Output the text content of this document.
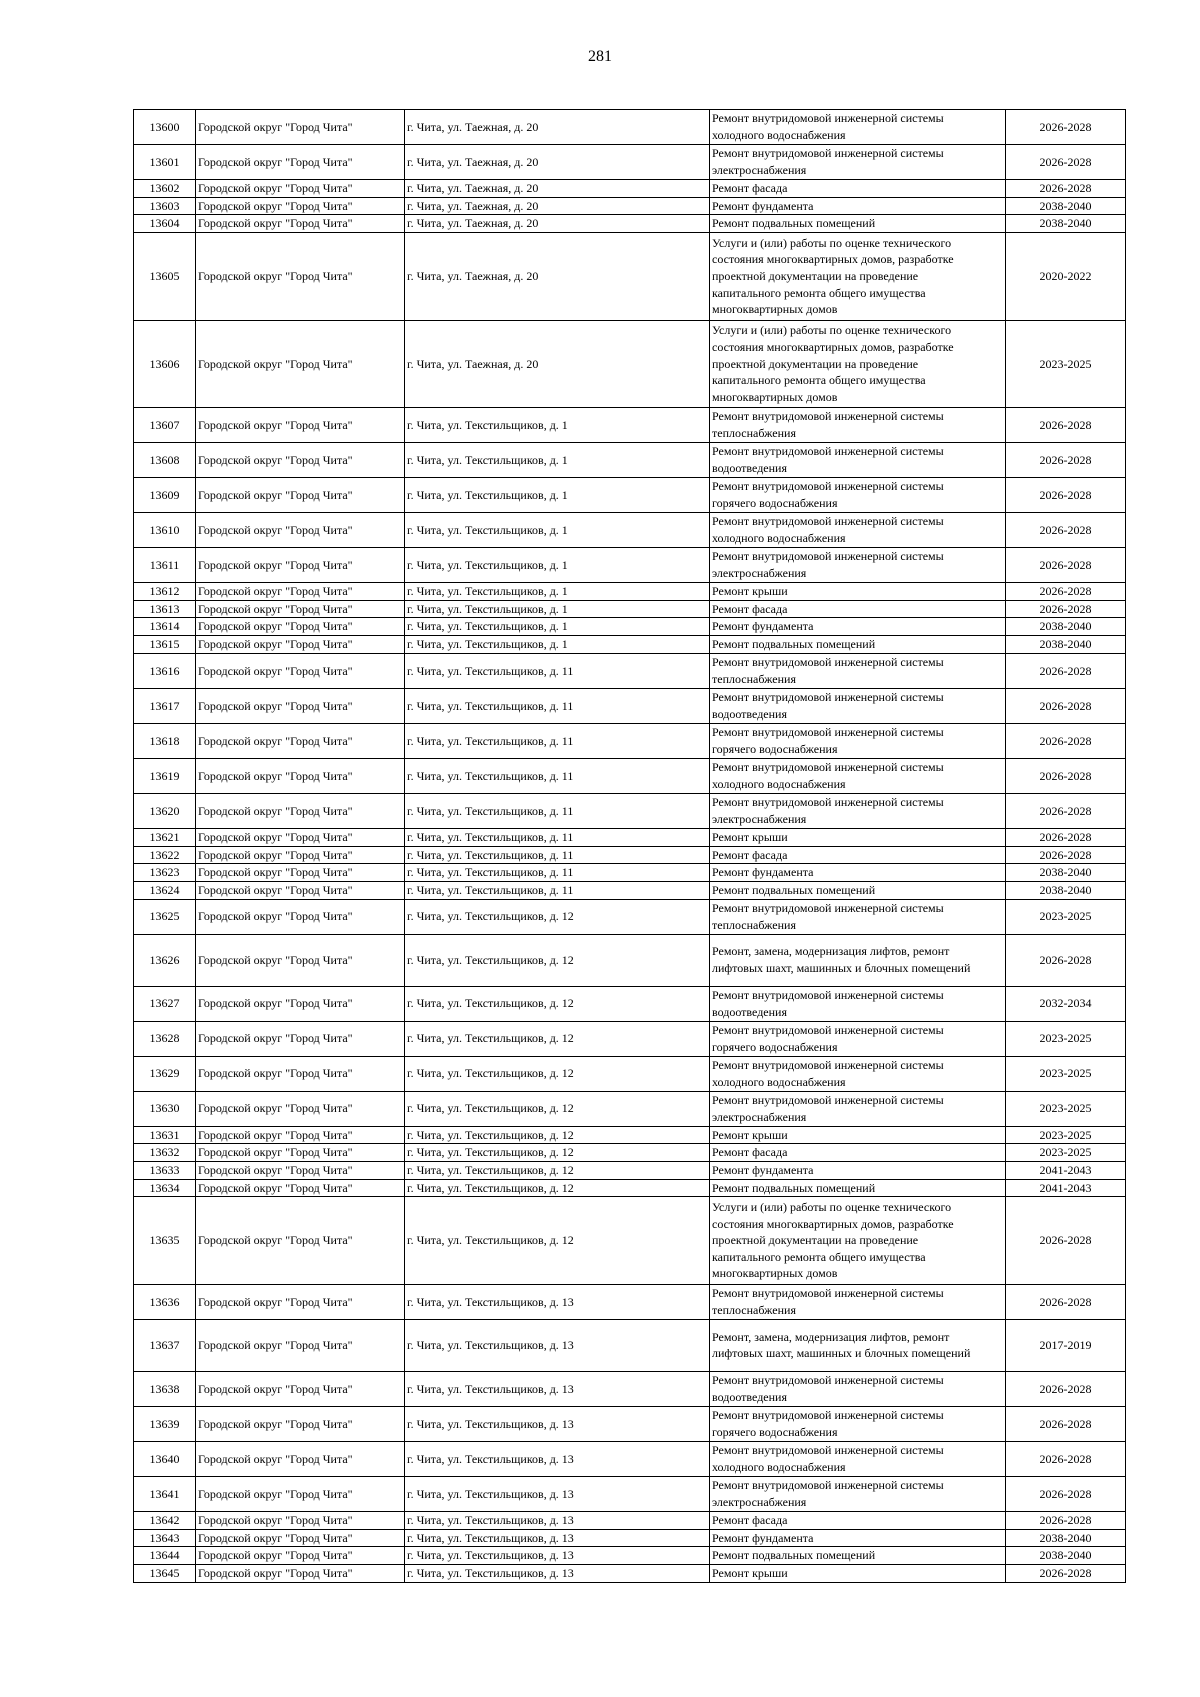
281
13600	Городской округ "Город Чита"	г. Чита, ул. Таежная, д. 20	Ремонт внутридомовой инженерной системы
холодного водоснабжения	2026-2028
13601	Городской округ "Город Чита"	г. Чита, ул. Таежная, д. 20	Ремонт внутридомовой инженерной системы
электроснабжения	2026-2028
13602	Городской округ "Город Чита"	г. Чита, ул. Таежная, д. 20	Ремонт фасада	2026-2028
13603	Городской округ "Город Чита"	г. Чита, ул. Таежная, д. 20	Ремонт фундамента	2038-2040
13604	Городской округ "Город Чита"	г. Чита, ул. Таежная, д. 20	Ремонт подвальных помещений	2038-2040
13605	Городской округ "Город Чита"	г. Чита, ул. Таежная, д. 20	Услуги и (или) работы по оценке технического
состояния многоквартирных домов, разработке
проектной документации на проведение
капитального ремонта общего имущества
многоквартирных домов	2020-2022
13606	Городской округ "Город Чита"	г. Чита, ул. Таежная, д. 20	Услуги и (или) работы по оценке технического
состояния многоквартирных домов, разработке
проектной документации на проведение
капитального ремонта общего имущества
многоквартирных домов	2023-2025
13607	Городской округ "Город Чита"	г. Чита, ул. Текстильщиков, д. 1	Ремонт внутридомовой инженерной системы
теплоснабжения	2026-2028
13608	Городской округ "Город Чита"	г. Чита, ул. Текстильщиков, д. 1	Ремонт внутридомовой инженерной системы
водоотведения	2026-2028
13609	Городской округ "Город Чита"	г. Чита, ул. Текстильщиков, д. 1	Ремонт внутридомовой инженерной системы
горячего водоснабжения	2026-2028
13610	Городской округ "Город Чита"	г. Чита, ул. Текстильщиков, д. 1	Ремонт внутридомовой инженерной системы
холодного водоснабжения	2026-2028
13611	Городской округ "Город Чита"	г. Чита, ул. Текстильщиков, д. 1	Ремонт внутридомовой инженерной системы
электроснабжения	2026-2028
13612	Городской округ "Город Чита"	г. Чита, ул. Текстильщиков, д. 1	Ремонт крыши	2026-2028
13613	Городской округ "Город Чита"	г. Чита, ул. Текстильщиков, д. 1	Ремонт фасада	2026-2028
13614	Городской округ "Город Чита"	г. Чита, ул. Текстильщиков, д. 1	Ремонт фундамента	2038-2040
13615	Городской округ "Город Чита"	г. Чита, ул. Текстильщиков, д. 1	Ремонт подвальных помещений	2038-2040
13616	Городской округ "Город Чита"	г. Чита, ул. Текстильщиков, д. 11	Ремонт внутридомовой инженерной системы
теплоснабжения	2026-2028
13617	Городской округ "Город Чита"	г. Чита, ул. Текстильщиков, д. 11	Ремонт внутридомовой инженерной системы
водоотведения	2026-2028
13618	Городской округ "Город Чита"	г. Чита, ул. Текстильщиков, д. 11	Ремонт внутридомовой инженерной системы
горячего водоснабжения	2026-2028
13619	Городской округ "Город Чита"	г. Чита, ул. Текстильщиков, д. 11	Ремонт внутридомовой инженерной системы
холодного водоснабжения	2026-2028
13620	Городской округ "Город Чита"	г. Чита, ул. Текстильщиков, д. 11	Ремонт внутридомовой инженерной системы
электроснабжения	2026-2028
13621	Городской округ "Город Чита"	г. Чита, ул. Текстильщиков, д. 11	Ремонт крыши	2026-2028
13622	Городской округ "Город Чита"	г. Чита, ул. Текстильщиков, д. 11	Ремонт фасада	2026-2028
13623	Городской округ "Город Чита"	г. Чита, ул. Текстильщиков, д. 11	Ремонт фундамента	2038-2040
13624	Городской округ "Город Чита"	г. Чита, ул. Текстильщиков, д. 11	Ремонт подвальных помещений	2038-2040
13625	Городской округ "Город Чита"	г. Чита, ул. Текстильщиков, д. 12	Ремонт внутридомовой инженерной системы
теплоснабжения	2023-2025
13626	Городской округ "Город Чита"	г. Чита, ул. Текстильщиков, д. 12	Ремонт, замена, модернизация лифтов, ремонт
лифтовых шахт, машинных и блочных помещений	2026-2028
13627	Городской округ "Город Чита"	г. Чита, ул. Текстильщиков, д. 12	Ремонт внутридомовой инженерной системы
водоотведения	2032-2034
13628	Городской округ "Город Чита"	г. Чита, ул. Текстильщиков, д. 12	Ремонт внутридомовой инженерной системы
горячего водоснабжения	2023-2025
13629	Городской округ "Город Чита"	г. Чита, ул. Текстильщиков, д. 12	Ремонт внутридомовой инженерной системы
холодного водоснабжения	2023-2025
13630	Городской округ "Город Чита"	г. Чита, ул. Текстильщиков, д. 12	Ремонт внутридомовой инженерной системы
электроснабжения	2023-2025
13631	Городской округ "Город Чита"	г. Чита, ул. Текстильщиков, д. 12	Ремонт крыши	2023-2025
13632	Городской округ "Город Чита"	г. Чита, ул. Текстильщиков, д. 12	Ремонт фасада	2023-2025
13633	Городской округ "Город Чита"	г. Чита, ул. Текстильщиков, д. 12	Ремонт фундамента	2041-2043
13634	Городской округ "Город Чита"	г. Чита, ул. Текстильщиков, д. 12	Ремонт подвальных помещений	2041-2043
13635	Городской округ "Город Чита"	г. Чита, ул. Текстильщиков, д. 12	Услуги и (или) работы по оценке технического
состояния многоквартирных домов, разработке
проектной документации на проведение
капитального ремонта общего имущества
многоквартирных домов	2026-2028
13636	Городской округ "Город Чита"	г. Чита, ул. Текстильщиков, д. 13	Ремонт внутридомовой инженерной системы
теплоснабжения	2026-2028
13637	Городской округ "Город Чита"	г. Чита, ул. Текстильщиков, д. 13	Ремонт, замена, модернизация лифтов, ремонт
лифтовых шахт, машинных и блочных помещений	2017-2019
13638	Городской округ "Город Чита"	г. Чита, ул. Текстильщиков, д. 13	Ремонт внутридомовой инженерной системы
водоотведения	2026-2028
13639	Городской округ "Город Чита"	г. Чита, ул. Текстильщиков, д. 13	Ремонт внутридомовой инженерной системы
горячего водоснабжения	2026-2028
13640	Городской округ "Город Чита"	г. Чита, ул. Текстильщиков, д. 13	Ремонт внутридомовой инженерной системы
холодного водоснабжения	2026-2028
13641	Городской округ "Город Чита"	г. Чита, ул. Текстильщиков, д. 13	Ремонт внутридомовой инженерной системы
электроснабжения	2026-2028
13642	Городской округ "Город Чита"	г. Чита, ул. Текстильщиков, д. 13	Ремонт фасада	2026-2028
13643	Городской округ "Город Чита"	г. Чита, ул. Текстильщиков, д. 13	Ремонт фундамента	2038-2040
13644	Городской округ "Город Чита"	г. Чита, ул. Текстильщиков, д. 13	Ремонт подвальных помещений	2038-2040
13645	Городской округ "Город Чита"	г. Чита, ул. Текстильщиков, д. 13	Ремонт крыши	2026-2028
